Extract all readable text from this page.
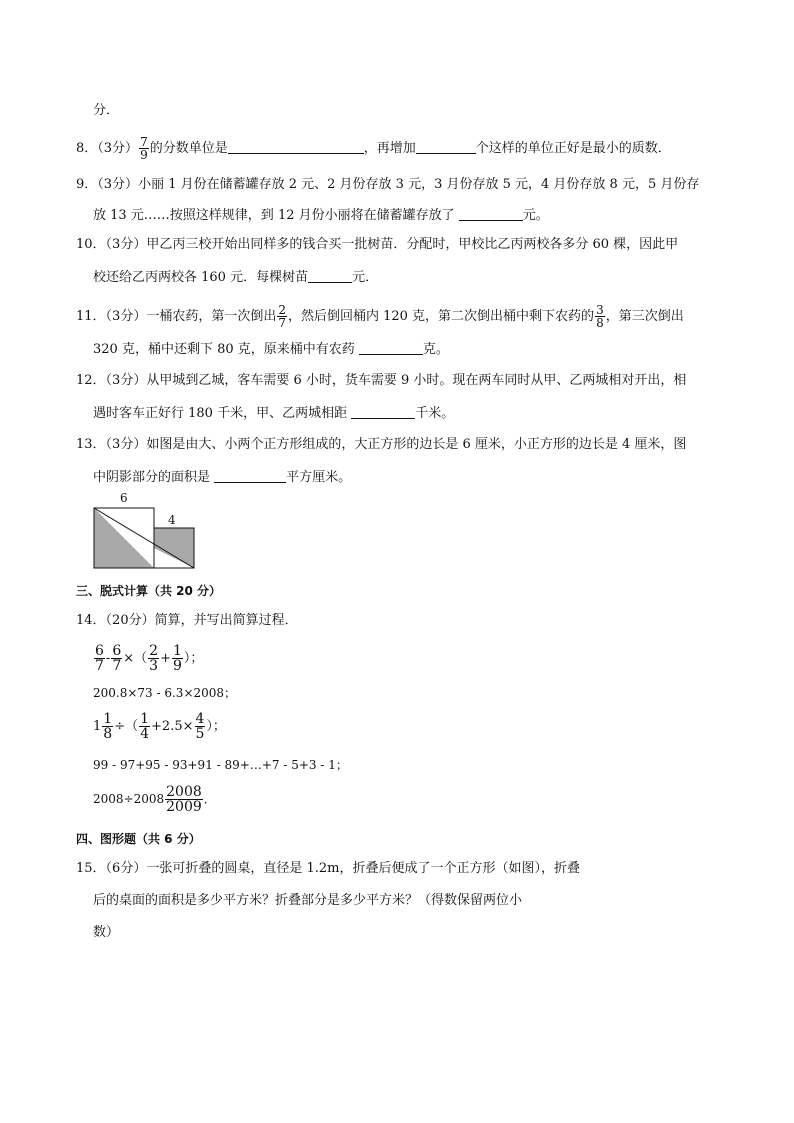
分．
8．（3分） $\frac{7}{9}$ 的分数单位是	，再增加	个这样的单位正好是最小的质数．
9．（3分）小丽 1 月份在储蓄罐存放 2 元、2 月份存放 3 元，3 月份存放 5 元，4 月份存放 8 元，5 月份存
放 13 元……按照这样规律，到 12 月份小丽将在储蓄罐存放了	元。
10．（3分）甲乙丙三校开始出同样多的钱合买一批树苗．分配时，甲校比乙丙两校各多分 60 棵，因此甲
校还给乙丙两校各 160 元．每棵树苗	元．
11．（3分）一桶农药，第一次倒出 $\frac{2}{7}$ ，然后倒回桶内 120 克，第二次倒出桶中剩下农药的 $\frac{3}{8}$ ，第三次倒出
320 克，桶中还剩下 80 克，原来桶中有农药	克。
12．（3分）从甲城到乙城，客车需要 6 小时，货车需要 9 小时。现在两车同时从甲、乙两城相对开出，相
遇时客车正好行 180 千米，甲、乙两城相距	千米。
13．（3分）如图是由大、小两个正方形组成的，大正方形的边长是 6 厘米，小正方形的边长是 4 厘米，图
中阴影部分的面积是	平方厘米。
6
4
三、脱式计算（共 20 分）
14．（20分）简算，并写出简算过程．
$\frac{6}{7} - \frac{6}{7}$ ×（ $\frac{2}{3} + \frac{1}{9}$ ）；
200.8×73 - 6.3×2008；
$1 \frac{1}{8}$ ÷（ $\frac{1}{4} +2.5\times \frac{4}{5}$ ）；
99 - 97+95 - 93+91 - 89+…+7 - 5+3 - 1；
$2008\div 2008 \frac{2008}{2009}$ ．
四、图形题（共 6 分）
15．（6分）一张可折叠的圆桌，直径是 1.2m，折叠后便成了一个正方形（如图），折叠
后的桌面的面积是多少平方米？折叠部分是多少平方米？（得数保留两位小
数）
